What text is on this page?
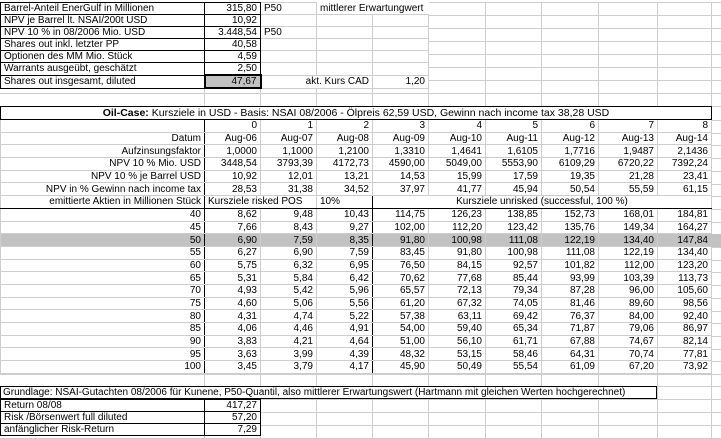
Barrel-Anteil EnerGulf in Millionen	315,80	P50	mittlerer Erwartungwert	
NPV je Barrel lt. NSAI/200t USD	10,92			
NPV 10 % in 08/2006 Mio. USD	3.448,54	P50		
Shares out inkl. letzter PP	40,58			
Optionen des MM Mio. Stück	4,59			
Warrants ausgeübt, geschätzt	2,50			
Shares out insgesamt, diluted	47,67	akt. Kurs CAD		1,20
Oil-Case: Kursziele in USD - Basis: NSAI 08/2006 - Ölpreis 62,59 USD, Gewinn nach income tax 38,28 USD									
	0	1	2	3	4	5	6	7	8
Datum	Aug-06	Aug-07	Aug-08	Aug-09	Aug-10	Aug-11	Aug-12	Aug-13	Aug-14
Aufzinsungsfaktor	1,0000	1,1000	1,2100	1,3310	1,4641	1,6105	1,7716	1,9487	2,1436
NPV 10 % Mio. USD	3448,54	3793,39	4172,73	4590,00	5049,00	5553,90	6109,29	6720,22	7392,24
NPV 10 % je Barrel USD	10,92	12,01	13,21	14,53	15,99	17,59	19,35	21,28	23,41
NPV in % Gewinn nach income tax	28,53	31,38	34,52	37,97	41,77	45,94	50,54	55,59	61,15
emittierte Aktien in Millionen Stück	Kursziele risked POS		10%	Kursziele unrisked (successful, 100 %)					
40	8,62	9,48	10,43	114,75	126,23	138,85	152,73	168,01	184,81
45	7,66	8,43	9,27	102,00	112,20	123,42	135,76	149,34	164,27
50	6,90	7,59	8,35	91,80	100,98	111,08	122,19	134,40	147,84
55	6,27	6,90	7,59	83,45	91,80	100,98	111,08	122,19	134,40
60	5,75	6,32	6,95	76,50	84,15	92,57	101,82	112,00	123,20
65	5,31	5,84	6,42	70,62	77,68	85,44	93,99	103,39	113,73
70	4,93	5,42	5,96	65,57	72,13	79,34	87,28	96,00	105,60
75	4,60	5,06	5,56	61,20	67,32	74,05	81,46	89,60	98,56
80	4,31	4,74	5,22	57,38	63,11	69,42	76,37	84,00	92,40
85	4,06	4,46	4,91	54,00	59,40	65,34	71,87	79,06	86,97
90	3,83	4,21	4,64	51,00	56,10	61,71	67,88	74,67	82,14
95	3,63	3,99	4,39	48,32	53,15	58,46	64,31	70,74	77,81
100	3,45	3,79	4,17	45,90	50,49	55,54	61,09	67,20	73,92
Grundlage: NSAI-Gutachten 08/2006 für Kunene, P50-Quantil, also mittlerer Erwartungswert (Hartmann mit gleichen Werten hochgerechnet)
Return 08/08	417,27
Risk /Börsenwert full diluted	57,20
anfänglicher Risk-Return	7,29
